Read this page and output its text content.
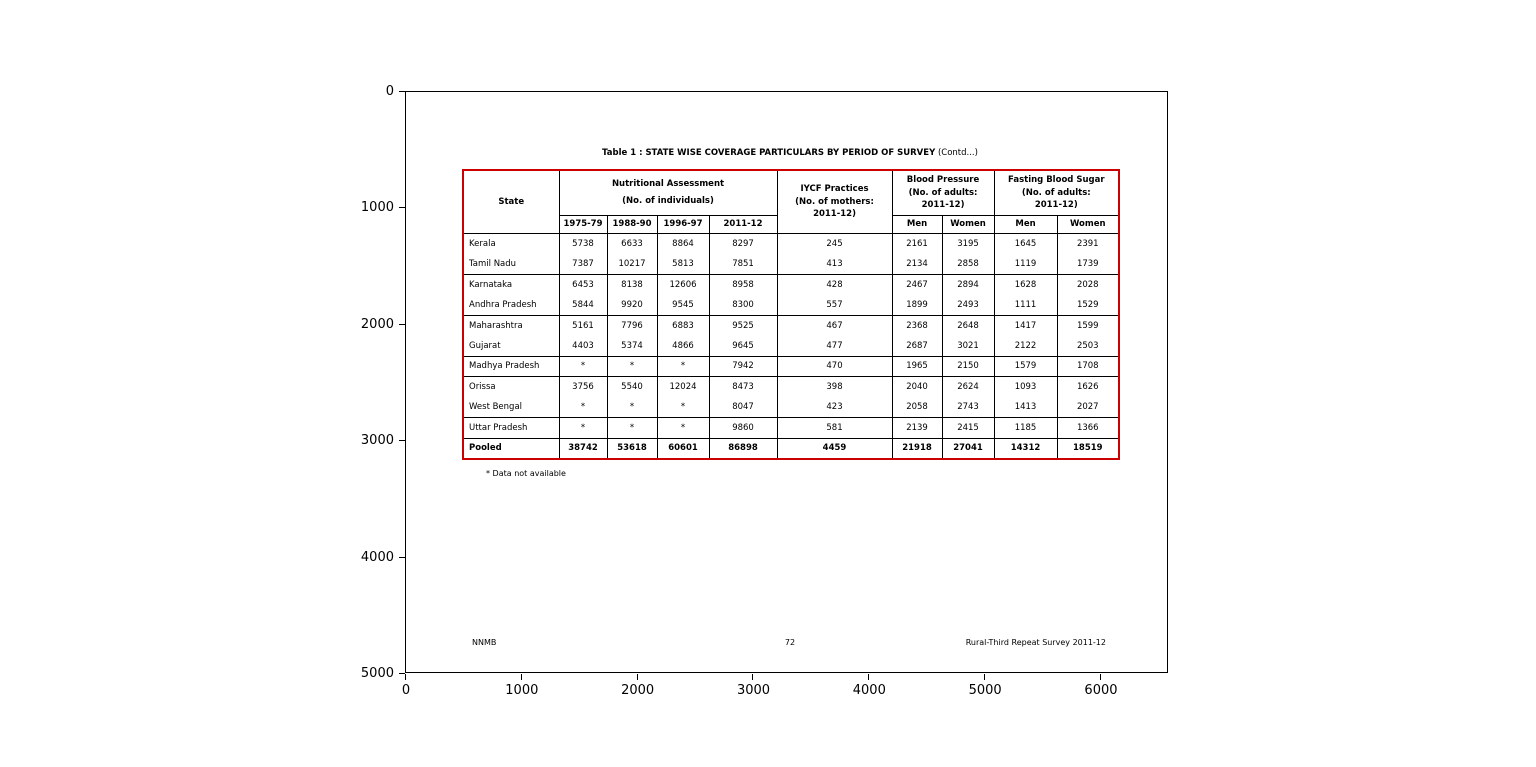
Table 1 : STATE WISE COVERAGE PARTICULARS BY PERIOD OF SURVEY (Contd...)
State	
Nutritional Assessment
(No. of individuals)

IYCF Practices
(No. of mothers:
2011-12)

Blood Pressure
(No. of adults:
2011-12)

Fasting Blood Sugar
(No. of adults:
2011-12)

	1975-79	1988-90	1996-97	2011-12		Men	Women	Men	Women
Kerala	5738	6633	8864	8297	245	2161	3195	1645	2391
Tamil Nadu	7387	10217	5813	7851	413	2134	2858	1119	1739
Karnataka	6453	8138	12606	8958	428	2467	2894	1628	2028
Andhra Pradesh	5844	9920	9545	8300	557	1899	2493	1111	1529
Maharashtra	5161	7796	6883	9525	467	2368	2648	1417	1599
Gujarat	4403	5374	4866	9645	477	2687	3021	2122	2503
Madhya Pradesh	*	*	*	7942	470	1965	2150	1579	1708
Orissa	3756	5540	12024	8473	398	2040	2624	1093	1626
West Bengal	*	*	*	8047	423	2058	2743	1413	2027
Uttar Pradesh	*	*	*	9860	581	2139	2415	1185	1366
Pooled	38742	53618	60601	86898	4459	21918	27041	14312	18519
* Data not available
NNMB	72	Rural-Third Repeat Survey 2011-12
0
1000
2000
3000
4000
5000
0	1000	2000	3000	4000	5000	6000
